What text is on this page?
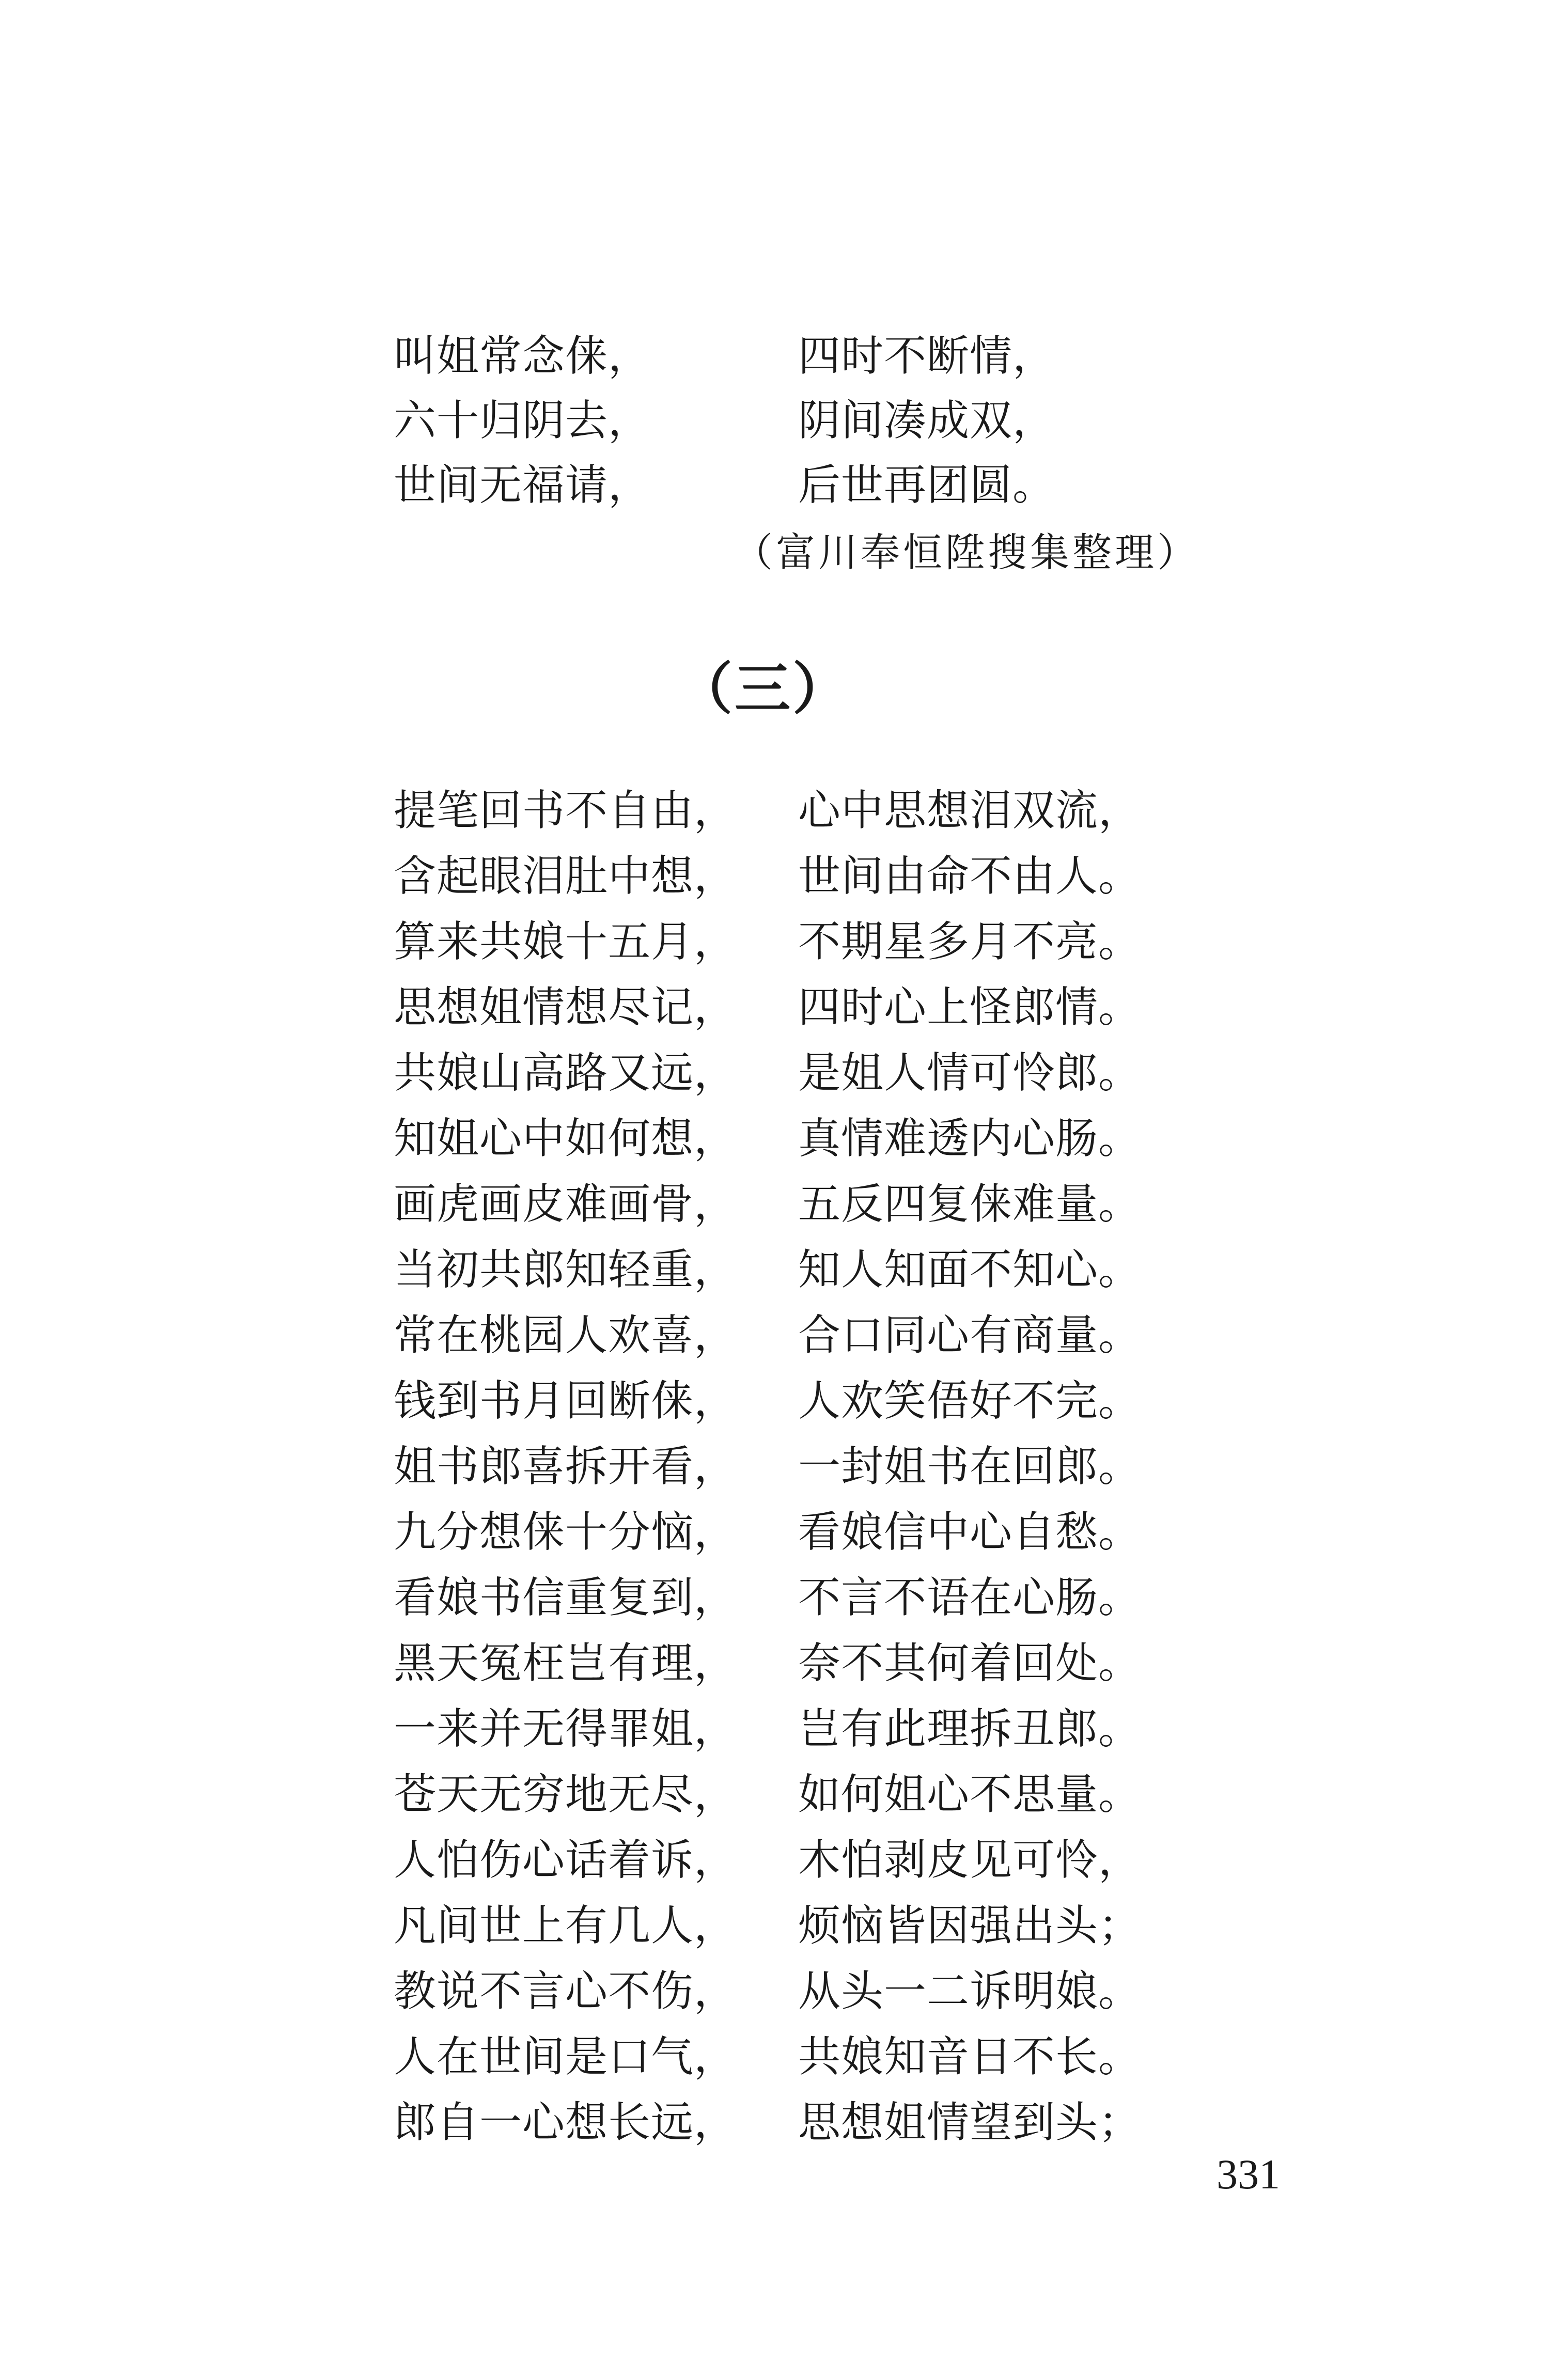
叫姐常念俫，	四时不断情，
六十归阴去，	阴间凑成双，
世间无福请，	后世再团圆。
（富川奉恒陞搜集整理）
（三）
提笔回书不自由， 心中思想泪双流，
含起眼泪肚中想， 世间由命不由人。
算来共娘十五月， 不期星多月不亮。
思想姐情想尽记， 四时心上怪郎情。
共娘山高路又远， 是姐人情可怜郎。
知姐心中如何想， 真情难透内心肠。
画虎画皮难画骨， 五反四复俫难量。
当初共郎知轻重， 知人知面不知心。
常在桃园人欢喜， 合口同心有商量。
钱到书月回断俫， 人欢笑俉好不完。
姐书郎喜拆开看， 一封姐书在回郎。
九分想俫十分恼， 看娘信中心自愁。
看娘书信重复到， 不言不语在心肠。
黑天冤枉岂有理， 奈不其何着回处。
一来并无得罪姐， 岂有此理拆丑郎。
苍天无穷地无尽， 如何姐心不思量。
人怕伤心话着诉， 木怕剥皮见可怜，
凡间世上有几人， 烦恼皆因强出头；
教说不言心不伤， 从头一二诉明娘。
人在世间是口气， 共娘知音日不长。
郎自一心想长远， 思想姐情望到头；
331
